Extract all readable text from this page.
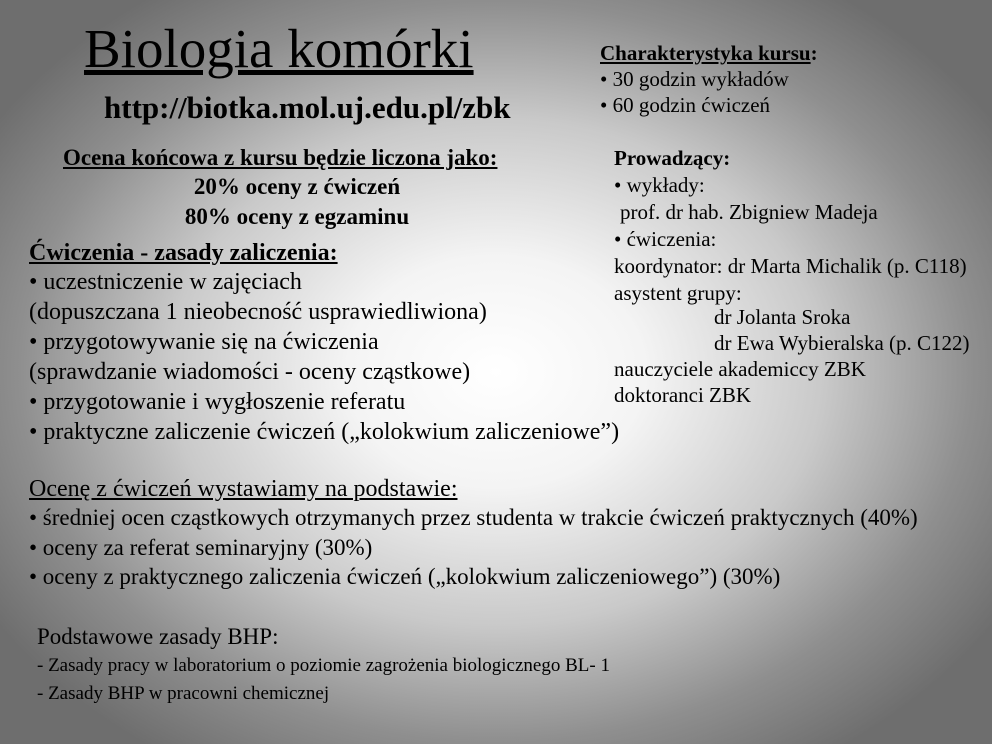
Biologia komórki
http://biotka.mol.uj.edu.pl/zbk
Charakterystyka kursu:
• 30 godzin wykładów
• 60 godzin ćwiczeń
Ocena końcowa z kursu będzie liczona jako:
20% oceny z ćwiczeń
80% oceny z egzaminu
Prowadzący:
• wykłady:
prof. dr hab. Zbigniew Madeja
• ćwiczenia:
koordynator: dr Marta Michalik (p. C118)
asystent grupy:
dr Jolanta Sroka
dr Ewa Wybieralska (p. C122)
nauczyciele akademiccy ZBK
doktoranci ZBK
Ćwiczenia - zasady zaliczenia:
• uczestniczenie w zajęciach
(dopuszczana 1 nieobecność usprawiedliwiona)
• przygotowywanie się na ćwiczenia
(sprawdzanie wiadomości - oceny cząstkowe)
• przygotowanie i wygłoszenie referatu
• praktyczne zaliczenie ćwiczeń („kolokwium zaliczeniowe”)
Ocenę z ćwiczeń wystawiamy na podstawie:
• średniej ocen cząstkowych otrzymanych przez studenta w trakcie ćwiczeń praktycznych (40%)
• oceny za referat seminaryjny (30%)
• oceny z praktycznego zaliczenia ćwiczeń („kolokwium zaliczeniowego”) (30%)
Podstawowe zasady BHP:
- Zasady pracy w laboratorium o poziomie zagrożenia biologicznego BL- 1
- Zasady BHP w pracowni chemicznej
